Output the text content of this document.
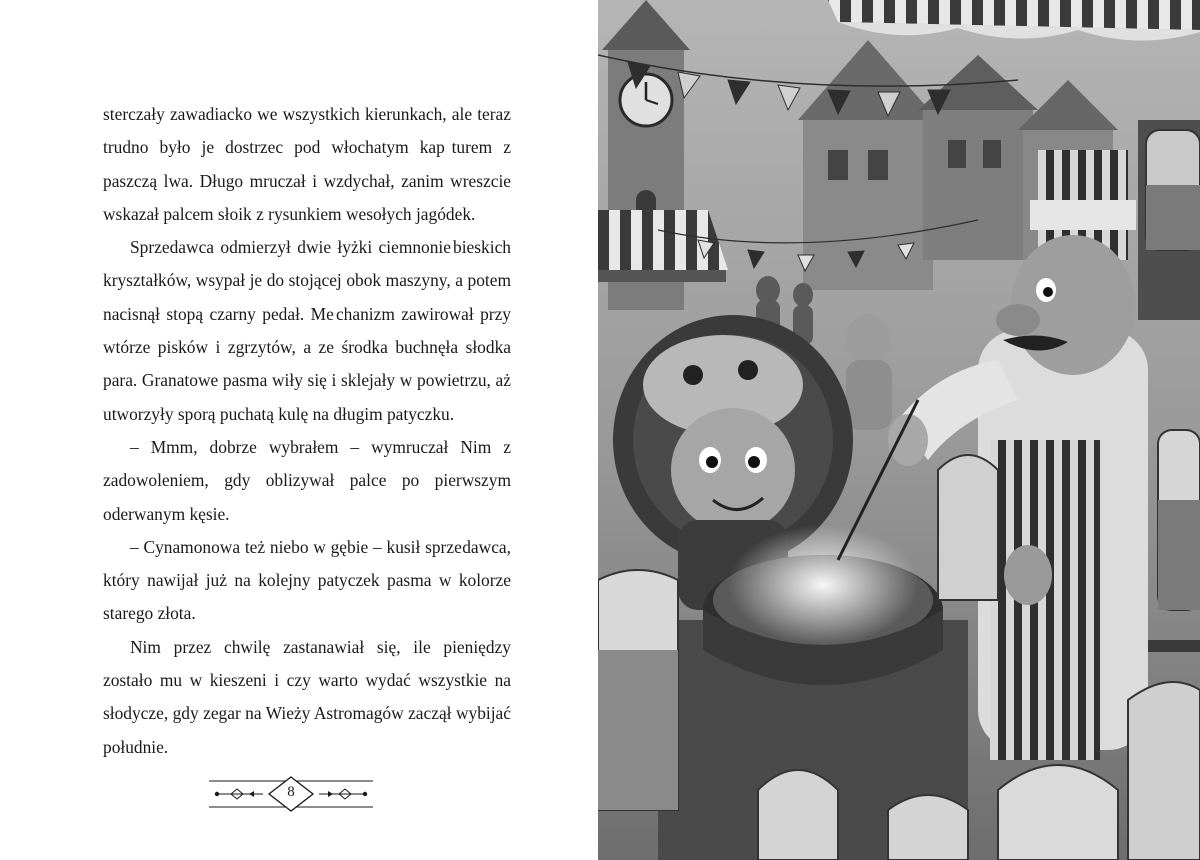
sterczały zawadiacko we wszystkich kierunkach, ale teraz trudno było je dostrzec pod włochatym kap turem z paszczą lwa. Długo mruczał i wzdychał, zanim wreszcie wskazał palcem słoik z rysunkiem wesołych jagódek.

Sprzedawca odmierzył dwie łyżki ciemnonie bieskich kryształków, wsypał je do stojącej obok maszyny, a potem nacisnął stopą czarny pedał. Me chanizm zawirował przy wtórze pisków i zgrzytów, a ze środka buchnęła słodka para. Granatowe pasma wiły się i sklejały w powietrzu, aż utworzyły sporą puchatą kulę na długim patyczku.

– Mmm, dobrze wybrałem – wymruczał Nim z zadowoleniem, gdy oblizywał palce po pierwszym oderwanym kęsie.

– Cynamonowa też niebo w gębie – kusił sprze dawca, który nawijał już na kolejny patyczek pasma w kolorze starego złota.

Nim przez chwilę zastanawiał się, ile pieniędzy zostało mu w kieszeni i czy warto wydać wszystkie na słodycze, gdy zegar na Wieży Astromagów zaczął wybijać południe.

8
